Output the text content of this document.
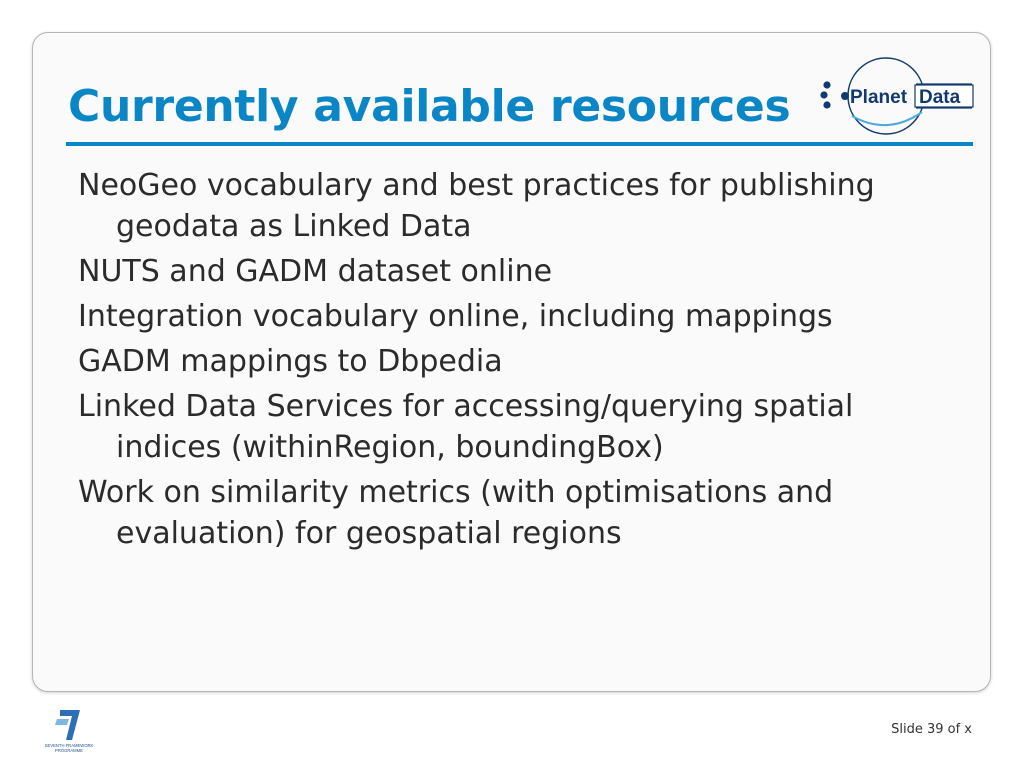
Currently available resources	Planet Data
NeoGeo vocabulary and best practices for publishing geodata as Linked Data
NUTS and GADM dataset online
Integration vocabulary online, including mappings
GADM mappings to Dbpedia
Linked Data Services for accessing/querying spatial indices (withinRegion, boundingBox)
Work on similarity metrics (with optimisations and evaluation) for geospatial regions
SEVENTH FRAMEWORK
PROGRAMME
Slide 39 of x
